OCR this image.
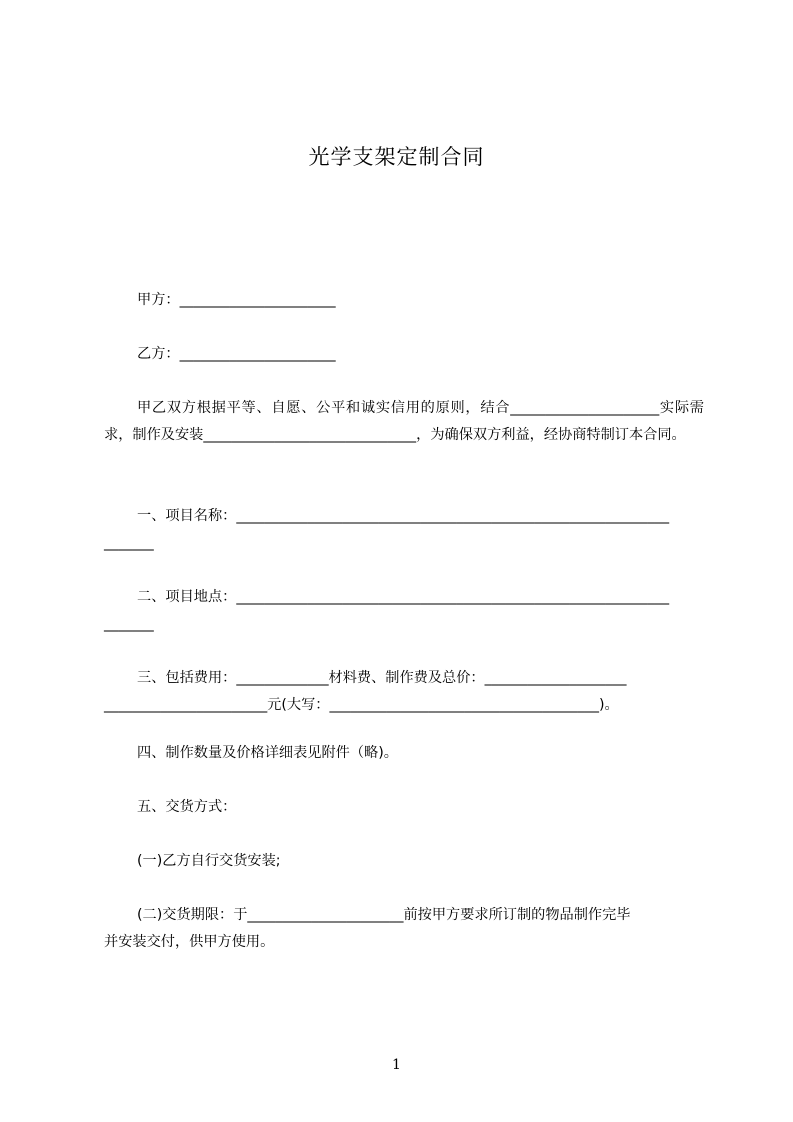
光学支架定制合同

甲方：______________________

乙方：______________________

甲乙双方根据平等、自愿、公平和诚实信用的原则，结合_____________________实际需求，制作及安装______________________________，为确保双方利益，经协商特制订本合同。

一、项目名称：_____________________________________________________________

_______

二、项目地点：_____________________________________________________________

_______

三、包括费用：_____________材料费、制作费及总价：____________________

_______________________元(大写：______________________________________)。

四、制作数量及价格详细表见附件（略)。

五、交货方式：

(一)乙方自行交货安装;

(二)交货期限：于______________________前按甲方要求所订制的物品制作完毕

并安装交付，供甲方使用。

1
